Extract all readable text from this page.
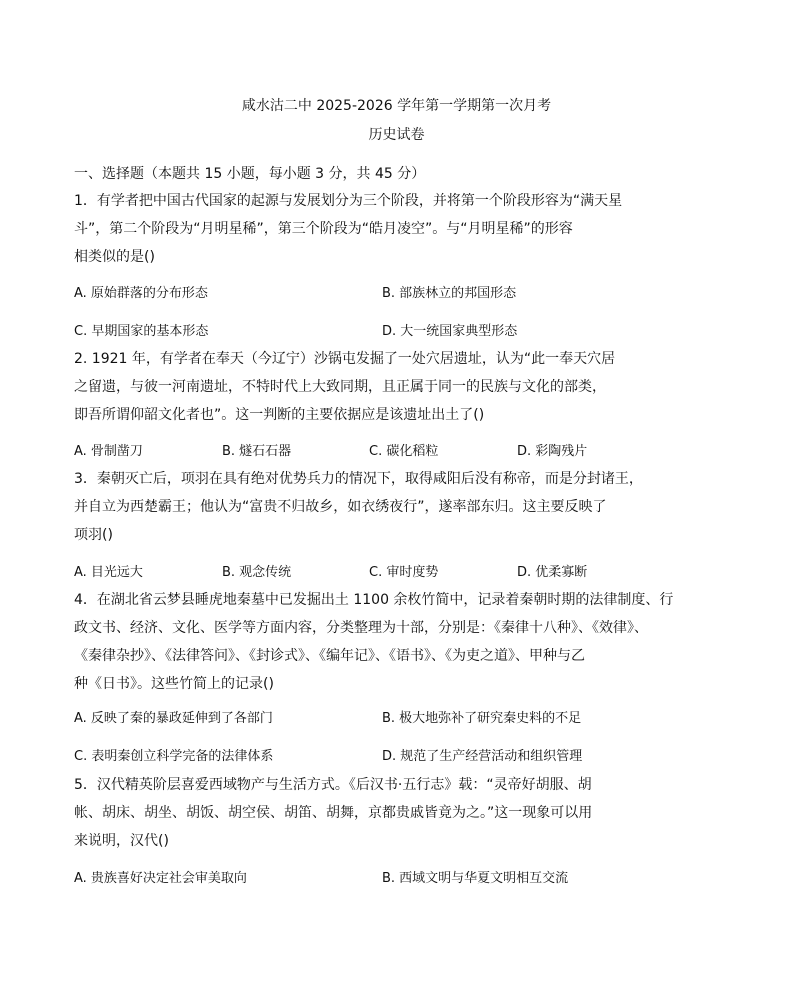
咸水沽二中 2025-2026 学年第一学期第一次月考
历史试卷
一、选择题（本题共 15 小题，每小题 3 分，共 45 分）
1．有学者把中国古代国家的起源与发展划分为三个阶段，并将第一个阶段形容为“满天星
斗”，第二个阶段为“月明星稀”，第三个阶段为“皓月凌空”。与“月明星稀”的形容
相类似的是()
A. 原始群落的分布形态	B. 部族林立的邦国形态
C. 早期国家的基本形态	D. 大一统国家典型形态
2. 1921 年，有学者在奉天（今辽宁）沙锅屯发掘了一处穴居遗址，认为“此一奉天穴居
之留遗，与彼一河南遗址，不特时代上大致同期，且正属于同一的民族与文化的部类，
即吾所谓仰韶文化者也”。这一判断的主要依据应是该遗址出土了()
A. 骨制凿刀	B. 燧石石器	C. 碳化稻粒	D. 彩陶残片
3．秦朝灭亡后，项羽在具有绝对优势兵力的情况下，取得咸阳后没有称帝，而是分封诸王，
并自立为西楚霸王；他认为“富贵不归故乡，如衣绣夜行”，遂率部东归。这主要反映了
项羽()
A. 目光远大	B. 观念传统	C. 审时度势	D. 优柔寡断
4．在湖北省云梦县睡虎地秦墓中已发掘出土 1100 余枚竹简中，记录着秦朝时期的法律制度、行
政文书、经济、文化、医学等方面内容，分类整理为十部，分别是：《秦律十八种》、《效律》、
《秦律杂抄》、《法律答问》、《封诊式》、《编年记》、《语书》、《为吏之道》、甲种与乙
种《日书》。这些竹简上的记录()
A. 反映了秦的暴政延伸到了各部门	B. 极大地弥补了研究秦史料的不足
C. 表明秦创立科学完备的法律体系	D. 规范了生产经营活动和组织管理
5．汉代精英阶层喜爱西域物产与生活方式。《后汉书·五行志》载：“灵帝好胡服、胡
帐、胡床、胡坐、胡饭、胡空侯、胡笛、胡舞，京都贵戚皆竟为之。”这一现象可以用
来说明，汉代()
A. 贵族喜好决定社会审美取向	B. 西域文明与华夏文明相互交流
